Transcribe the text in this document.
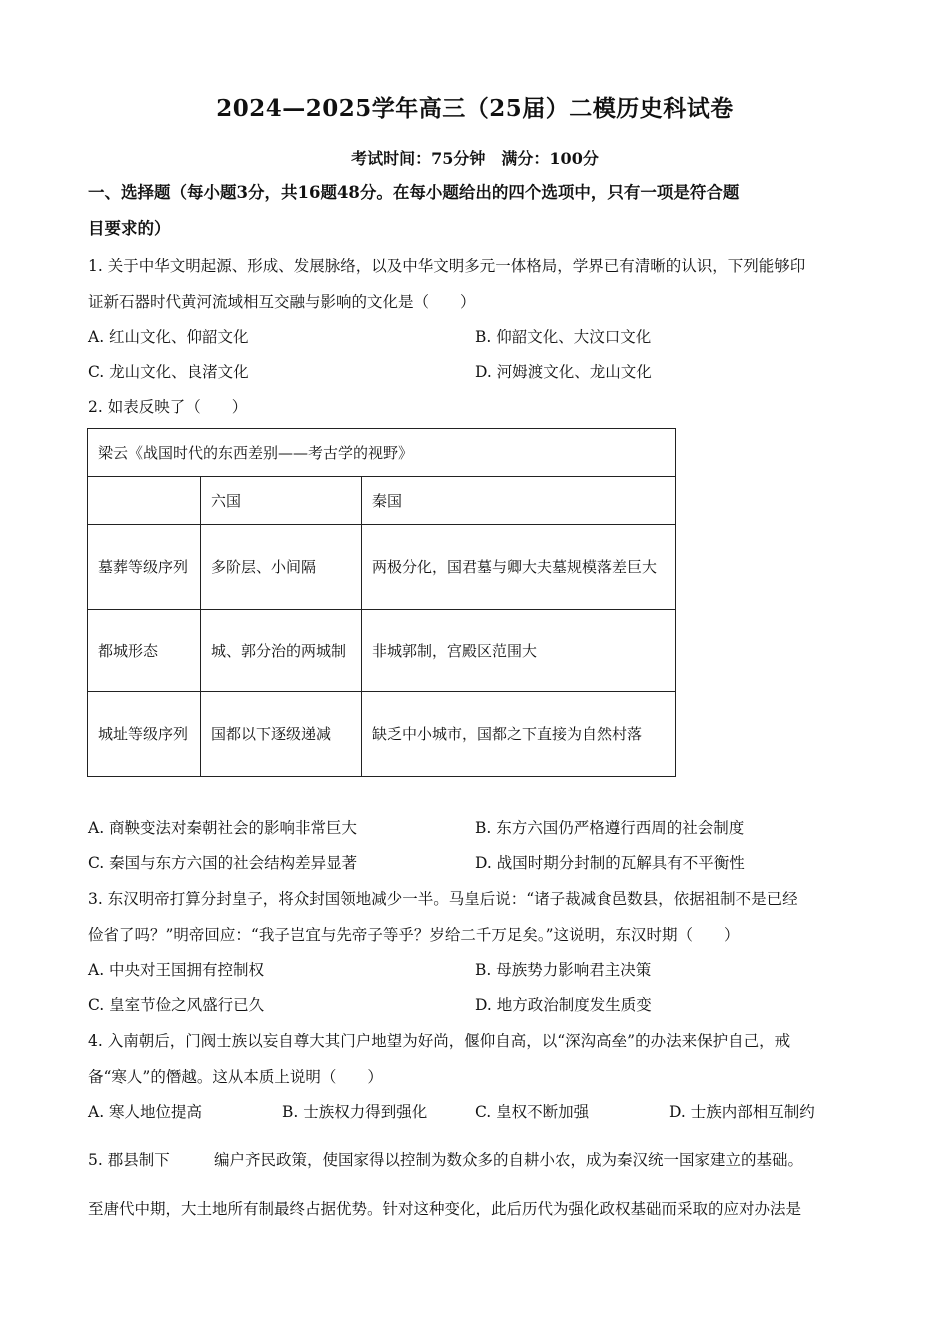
2024—2025学年高三（25届）二模历史科试卷
考试时间：75分钟　满分：100分
一、选择题（每小题3分，共16题48分。在每小题给出的四个选项中，只有一项是符合题
目要求的）
1. 关于中华文明起源、形成、发展脉络，以及中华文明多元一体格局，学界已有清晰的认识，下列能够印
证新石器时代黄河流域相互交融与影响的文化是（　　）
A. 红山文化、仰韶文化	B. 仰韶文化、大汶口文化
C. 龙山文化、良渚文化	D. 河姆渡文化、龙山文化
2. 如表反映了（　　）
梁云《战国时代的东西差别——考古学的视野》		
	六国	秦国
墓葬等级序列	多阶层、小间隔	两极分化，国君墓与卿大夫墓规模落差巨大
都城形态	城、郭分治的两城制	非城郭制，宫殿区范围大
城址等级序列	国都以下逐级递减	缺乏中小城市，国都之下直接为自然村落
A. 商鞅变法对秦朝社会的影响非常巨大	B. 东方六国仍严格遵行西周的社会制度
C. 秦国与东方六国的社会结构差异显著	D. 战国时期分封制的瓦解具有不平衡性
3. 东汉明帝打算分封皇子，将众封国领地减少一半。马皇后说：“诸子裁减食邑数县，依据祖制不是已经
俭省了吗？”明帝回应：“我子岂宜与先帝子等乎？岁给二千万足矣。”这说明，东汉时期（　　）
A. 中央对王国拥有控制权	B. 母族势力影响君主决策
C. 皇室节俭之风盛行已久	D. 地方政治制度发生质变
4. 入南朝后，门阀士族以妄自尊大其门户地望为好尚，偃仰自高，以“深沟高垒”的办法来保护自己，戒
备“寒人”的僭越。这从本质上说明（　　）
A. 寒人地位提高	B. 士族权力得到强化	C. 皇权不断加强	D. 士族内部相互制约
5. 郡县制下	编户齐民政策，使国家得以控制为数众多的自耕小农，成为秦汉统一国家建立的基础。
至唐代中期，大土地所有制最终占据优势。针对这种变化，此后历代为强化政权基础而采取的应对办法是
